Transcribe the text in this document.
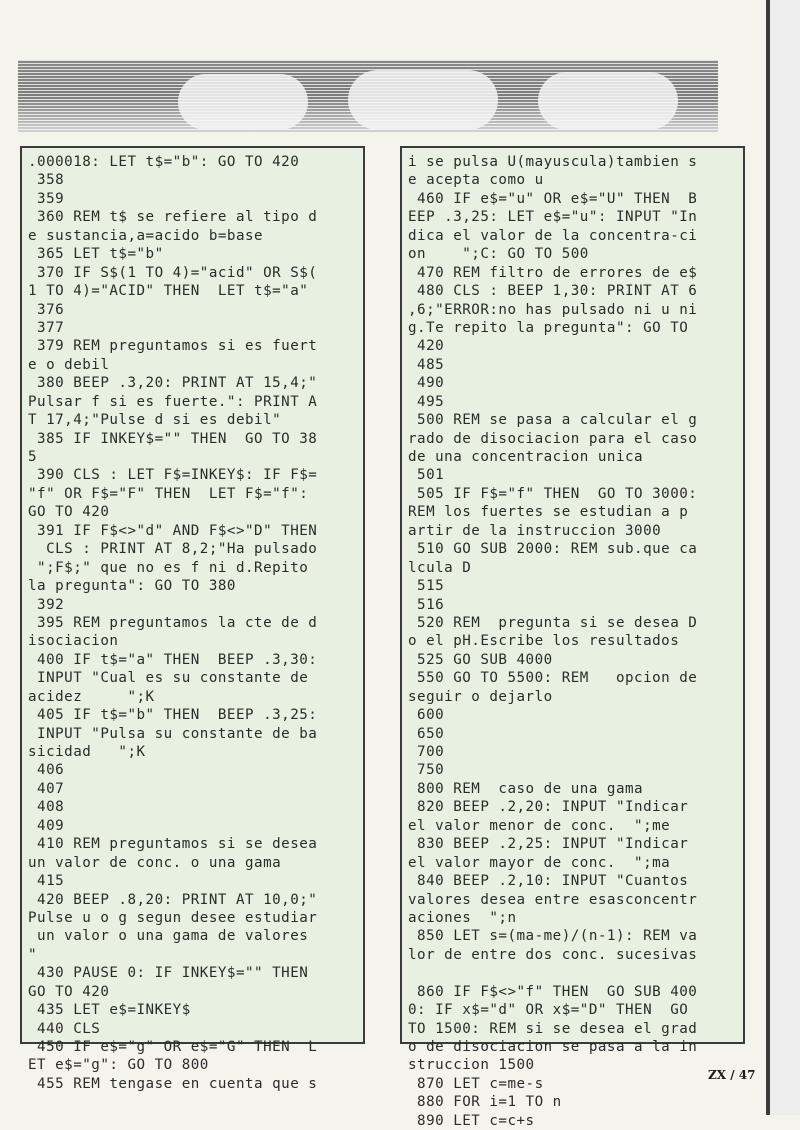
.000018: LET t$="b": GO TO 420
358
359
360 REM t$ se refiere al tipo d
e sustancia,a=acido b=base
365 LET t$="b"
370 IF S$(1 TO 4)="acid" OR S$(
1 TO 4)="ACID" THEN  LET t$="a"
376
377
379 REM preguntamos si es fuert
e o debil
380 BEEP .3,20: PRINT AT 15,4;"
Pulsar f si es fuerte.": PRINT A
T 17,4;"Pulse d si es debil"
385 IF INKEY$="" THEN  GO TO 38
5
390 CLS : LET F$=INKEY$: IF F$=
"f" OR F$="F" THEN  LET F$="f":
GO TO 420
391 IF F$<>"d" AND F$<>"D" THEN
CLS : PRINT AT 8,2;"Ha pulsado
";F$;" que no es f ni d.Repito
la pregunta": GO TO 380
392
395 REM preguntamos la cte de d
isociacion
400 IF t$="a" THEN  BEEP .3,30:
INPUT "Cual es su constante de
acidez     ";K
405 IF t$="b" THEN  BEEP .3,25:
INPUT "Pulsa su constante de ba
sicidad   ";K
406
407
408
409
410 REM preguntamos si se desea
un valor de conc. o una gama
415
420 BEEP .8,20: PRINT AT 10,0;"
Pulse u o g segun desee estudiar
un valor o una gama de valores
"
430 PAUSE 0: IF INKEY$="" THEN
GO TO 420
435 LET e$=INKEY$
440 CLS
450 IF e$="g" OR e$="G" THEN  L
ET e$="g": GO TO 800
455 REM tengase en cuenta que s
i se pulsa U(mayuscula)tambien s
e acepta como u
460 IF e$="u" OR e$="U" THEN  B
EEP .3,25: LET e$="u": INPUT "In
dica el valor de la concentra-ci
on    ";C: GO TO 500
470 REM filtro de errores de e$
480 CLS : BEEP 1,30: PRINT AT 6
,6;"ERROR:no has pulsado ni u ni
g.Te repito la pregunta": GO TO
420
485
490
495
500 REM se pasa a calcular el g
rado de disociacion para el caso
de una concentracion unica
501
505 IF F$="f" THEN  GO TO 3000:
REM los fuertes se estudian a p
artir de la instruccion 3000
510 GO SUB 2000: REM sub.que ca
lcula D
515
516
520 REM  pregunta si se desea D
o el pH.Escribe los resultados
525 GO SUB 4000
550 GO TO 5500: REM   opcion de
seguir o dejarlo
600
650
700
750
800 REM  caso de una gama
820 BEEP .2,20: INPUT "Indicar
el valor menor de conc.  ";me
830 BEEP .2,25: INPUT "Indicar
el valor mayor de conc.  ";ma
840 BEEP .2,10: INPUT "Cuantos
valores desea entre esasconcentr
aciones  ";n
850 LET s=(ma-me)/(n-1): REM va
lor de entre dos conc. sucesivas
860 IF F$<>"f" THEN  GO SUB 400
0: IF x$="d" OR x$="D" THEN  GO
TO 1500: REM si se desea el grad
o de disociacion se pasa a la in
struccion 1500
870 LET c=me-s
880 FOR i=1 TO n
890 LET c=c+s
ZX / 47
